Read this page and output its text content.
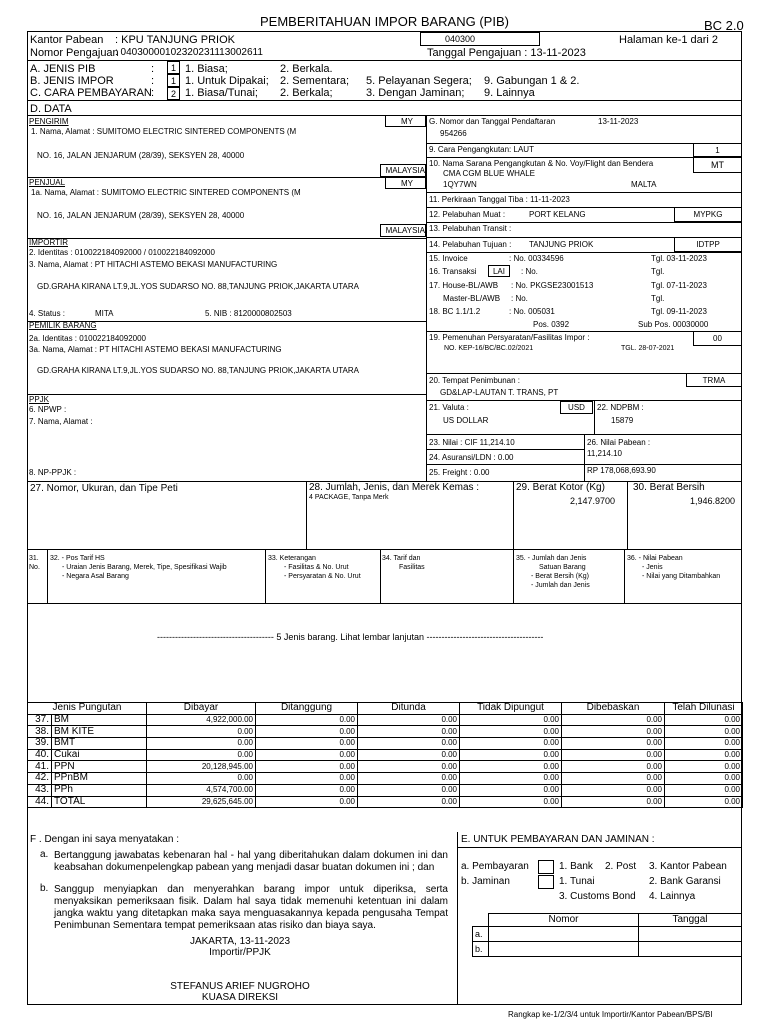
PEMBERITAHUAN IMPOR BARANG (PIB)	BC 2.0
Kantor Pabean : KPU TANJUNG PRIOK	040300	Halaman ke-1 dari 2
Nomor Pengajuan
: 04030000102320231113002611	Tanggal Pengajuan : 13-11-2023
A. JENIS PIB	:	1 1. Biasa;	2. Berkala.
B. JENIS IMPOR	:	1 1. Untuk Dipakai; 2. Sementara; 5. Pelayanan Segera; 9. Gabungan 1 & 2.
C. CARA PEMBAYARAN :	2 1. Biasa/Tunai; 2. Berkala;	3. Dengan Jaminan; 9. Lainnya
D. DATA
PENGIRIM	MY
1. Nama, Alamat : SUMITOMO ELECTRIC SINTERED COMPONENTS (M
NO. 16, JALAN JENJARUM (28/39), SEKSYEN 28, 40000
MALAYSIA
PENJUAL	MY
1a. Nama, Alamat : SUMITOMO ELECTRIC SINTERED COMPONENTS (M
NO. 16, JALAN JENJARUM (28/39), SEKSYEN 28, 40000
MALAYSIA
IMPORTIR
2. Identitas : 010022184092000 / 010022184092000
3. Nama, Alamat : PT HITACHI ASTEMO BEKASI MANUFACTURING
GD.GRAHA KIRANA LT.9,JL.YOS SUDARSO NO. 88,TANJUNG PRIOK,JAKARTA UTARA
4. Status :	MITA	5. NIB : 8120000802503
PEMILIK BARANG
2a. Identitas : 010022184092000
3a. Nama, Alamat : PT HITACHI ASTEMO BEKASI MANUFACTURING
GD.GRAHA KIRANA LT.9,JL.YOS SUDARSO NO. 88,TANJUNG PRIOK,JAKARTA UTARA
PPJK
6. NPWP :
7. Nama, Alamat :
8. NP-PPJK :
G. Nomor dan Tanggal Pendaftaran	13-11-2023
954266
9. Cara Pengangkutan: LAUT	1
10. Nama Sarana Pengangkutan & No. Voy/Flight dan Bendera	MT
CMA CGM BLUE WHALE
1QY7WN	MALTA
11. Perkiraan Tanggal Tiba : 11-11-2023
12. Pelabuhan Muat :	PORT KELANG	MYPKG
13. Pelabuhan Transit :
14. Pelabuhan Tujuan : TANJUNG PRIOK	IDTPP
15. Invoice	: No. 00334596	Tgl. 03-11-2023
16. Transaksi	LAI	: No.	Tgl.
17. House-BL/AWB : No. PKGSE23001513	Tgl. 07-11-2023
Master-BL/AWB : No.	Tgl.
18. BC 1.1/1.2	: No. 005031	Tgl. 09-11-2023
Pos. 0392	Sub Pos. 00030000
19. Pemenuhan Persyaratan/Fasilitas Impor :	00
NO. KEP-16/BC/BC.02/2021	TGL. 28-07-2021
20. Tempat Penimbunan :	TRMA
GD&LAP-LAUTAN T. TRANS, PT
21. Valuta :	USD	22. NDPBM :
US DOLLAR	15879
23. Nilai : CIF 11,214.10	26. Nilai Pabean :
11,214.10
24. Asuransi/LDN : 0.00
25. Freight : 0.00	RP 178,068,693.90
27. Nomor, Ukuran, dan Tipe Peti	28. Jumlah, Jenis, dan Merek Kemas :
4 PACKAGE, Tanpa Merk
29. Berat Kotor (Kg)
2,147.9700
30. Berat Bersih
1,946.8200
31.
No.
32. - Pos Tarif HS
- Uraian Jenis Barang, Merek, Tipe, Spesifikasi Wajib
- Negara Asal Barang
33. Keterangan
- Fasilitas & No. Urut
- Persyaratan & No. Urut
34. Tarif dan
Fasilitas
35. - Jumlah dan Jenis
Satuan Barang
- Berat Bersih (Kg)
- Jumlah dan Jenis
36. - Nilai Pabean
- Jenis
- Nilai yang Ditambahkan
--------------------------------------- 5 Jenis barang. Lihat lembar lanjutan ---------------------------------------
Jenis Pungutan		Dibayar	Ditanggung	Ditunda	Tidak Dipungut	Dibebaskan	Telah Dilunasi
37.	BM	4,922,000.00	0.00	0.00	0.00	0.00	0.00
38.	BM KITE	0.00	0.00	0.00	0.00	0.00	0.00
39.	BMT	0.00	0.00	0.00	0.00	0.00	0.00
40.	Cukai	0.00	0.00	0.00	0.00	0.00	0.00
41.	PPN	20,128,945.00	0.00	0.00	0.00	0.00	0.00
42.	PPnBM	0.00	0.00	0.00	0.00	0.00	0.00
43.	PPh	4,574,700.00	0.00	0.00	0.00	0.00	0.00
44.	TOTAL	29,625,645.00	0.00	0.00	0.00	0.00	0.00
F . Dengan ini saya menyatakan :
a. Bertanggung jawabatas kebenaran hal - hal yang diberitahukan dalam dokumen ini dan keabsahan dokumenpelengkap pabean yang menjadi dasar buatan dokumen ini ; dan
b. Sanggup menyiapkan dan menyerahkan barang impor untuk diperiksa, serta menyaksikan pemeriksaan fisik. Dalam hal saya tidak memenuhi ketentuan ini dalam jangka waktu yang ditetapkan maka saya menguasakannya kepada pengusaha Tempat Penimbunan Sementara tempat pemeriksaan atas risiko dan biaya saya.
JAKARTA, 13-11-2023
Importir/PPJK
STEFANUS ARIEF NUGROHO
KUASA DIREKSI
E. UNTUK PEMBAYARAN DAN JAMINAN :
a. Pembayaran	1. Bank 2. Post 3. Kantor Pabean
b. Jaminan	1. Tunai	2. Bank Garansi
3. Customs Bond 4. Lainnya
	Nomor	Tanggal
a.		
b.		
Rangkap ke-1/2/3/4 untuk Importir/Kantor Pabean/BPS/BI
